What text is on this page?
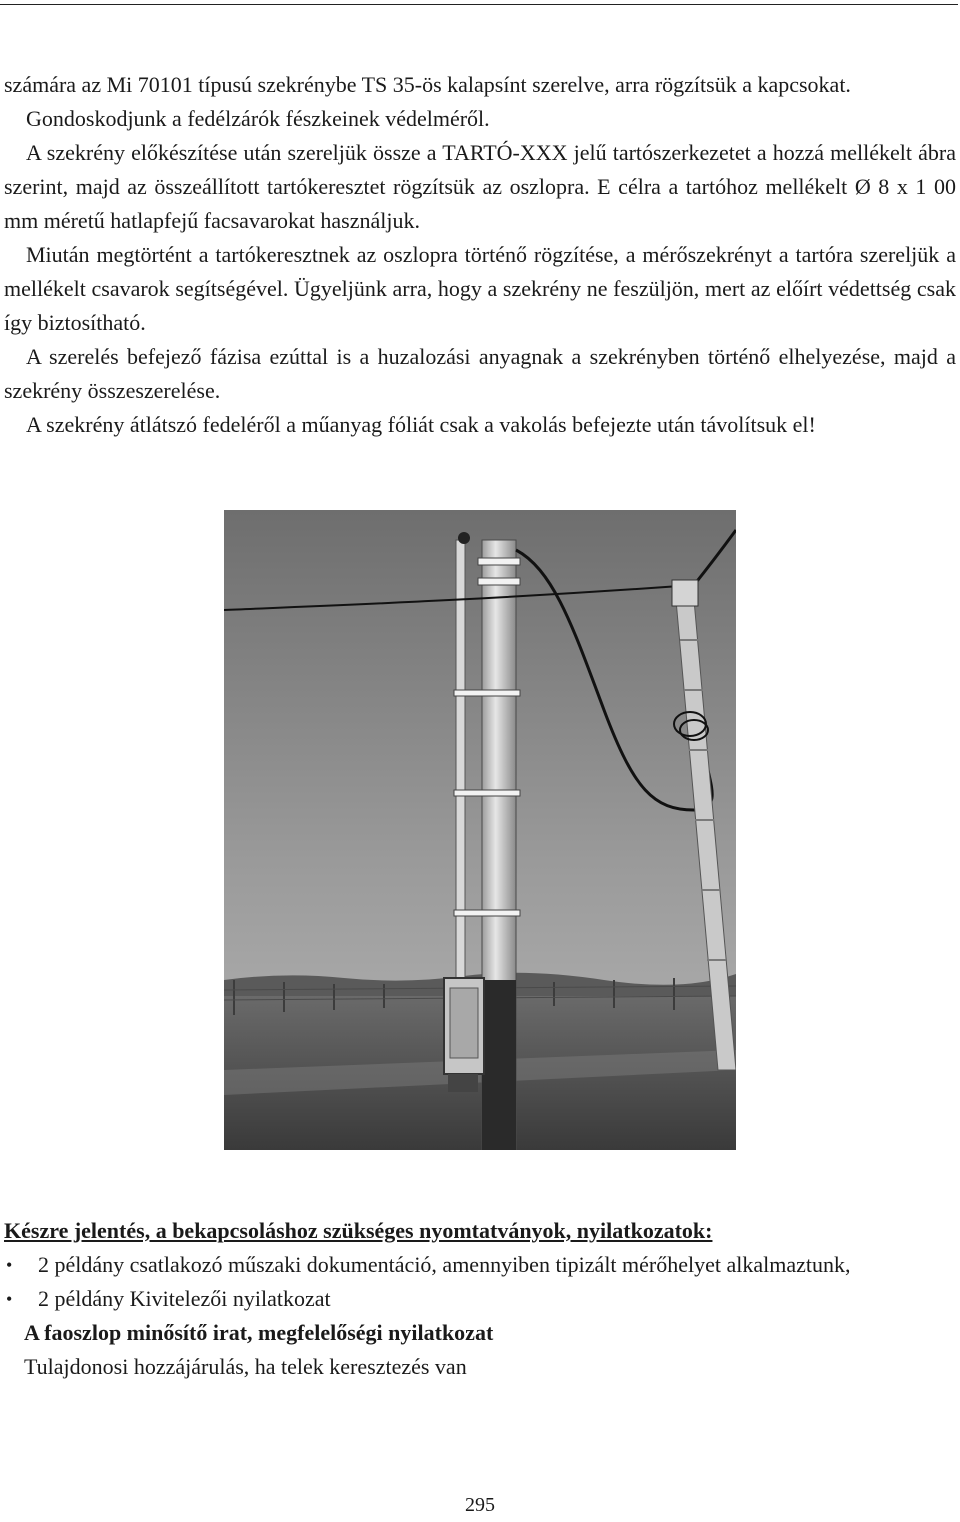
számára az Mi 70101 típusú szekrénybe TS 35-ös kalapsínt szerelve, arra rögzítsük a kapcsokat.

Gondoskodjunk a fedélzárók fészkeinek védelméről.

A szekrény előkészítése után szereljük össze a TARTÓ-XXX jelű tartószerkezetet a hozzá mellékelt ábra szerint, majd az összeállított tartókeresztet rögzítsük az oszlopra. E célra a tartóhoz mellékelt Ø 8 x 1 00 mm méretű hatlapfejű facsavarokat használjuk.

Miután megtörtént a tartókeresztnek az oszlopra történő rögzítése, a mérőszekrényt a tartóra szereljük a mellékelt csavarok segítségével. Ügyeljünk arra, hogy a szekrény ne feszüljön, mert az előírt védettség csak így biztosítható.

A szerelés befejező fázisa ezúttal is a huzalozási anyagnak a szekrényben történő elhelyezése, majd a szekrény összeszerelése.

A szekrény átlátszó fedeléről a műanyag fóliát csak a vakolás befejezte után távolítsuk el!

Készre jelentés, a bekapcsoláshoz szükséges nyomtatványok, nyilatkozatok:

• 2 példány csatlakozó műszaki dokumentáció, amennyiben tipizált mérőhelyet alkalmaztunk,
• 2 példány Kivitelezői nyilatkozat

A faoszlop minősítő irat, megfelelőségi nyilatkozat

Tulajdonosi hozzájárulás, ha telek keresztezés van

295
